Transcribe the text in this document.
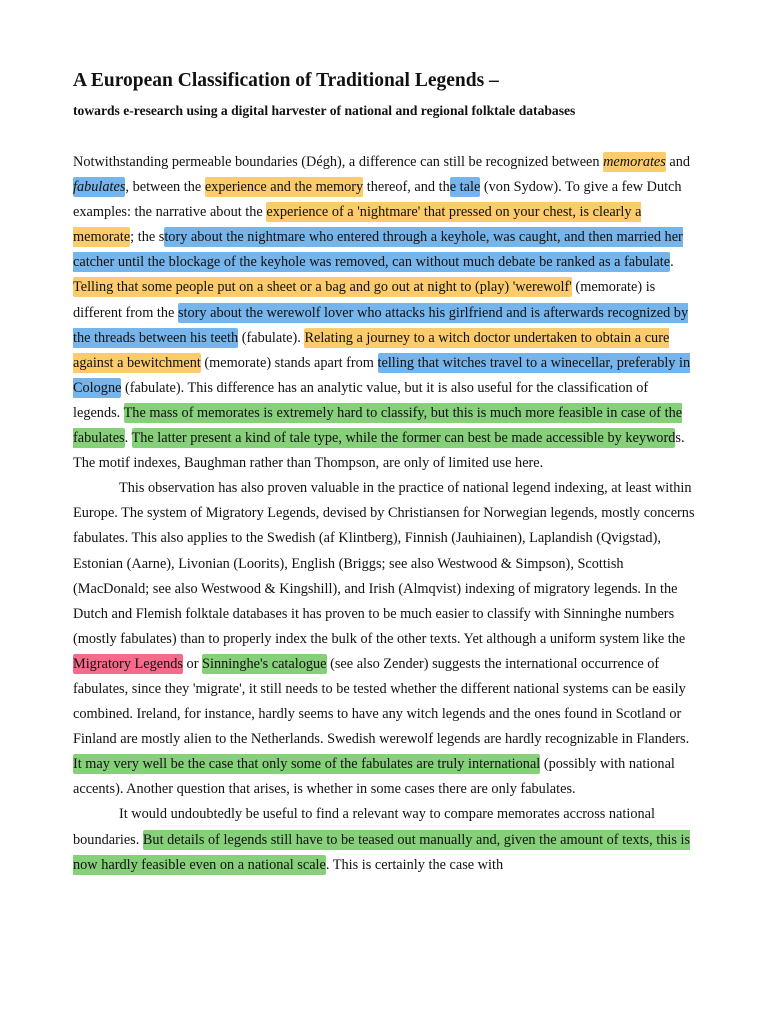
A European Classification of Traditional Legends –
towards e-research using a digital harvester of national and regional folktale databases

Notwithstanding permeable boundaries (Dégh), a difference can still be recognized between memorates and fabulates, between the experience and the memory thereof, and the tale (von Sydow). To give a few Dutch examples: the narrative about the experience of a 'nightmare' that pressed on your chest, is clearly a memorate; the story about the nightmare who entered through a keyhole, was caught, and then married her catcher until the blockage of the keyhole was removed, can without much debate be ranked as a fabulate. Telling that some people put on a sheet or a bag and go out at night to (play) 'werewolf' (memorate) is different from the story about the werewolf lover who attacks his girlfriend and is afterwards recognized by the threads between his teeth (fabulate). Relating a journey to a witch doctor undertaken to obtain a cure against a bewitchment (memorate) stands apart from telling that witches travel to a winecellar, preferably in Cologne (fabulate). This difference has an analytic value, but it is also useful for the classification of legends. The mass of memorates is extremely hard to classify, but this is much more feasible in case of the fabulates. The latter present a kind of tale type, while the former can best be made accessible by keywords. The motif indexes, Baughman rather than Thompson, are only of limited use here.

This observation has also proven valuable in the practice of national legend indexing, at least within Europe. The system of Migratory Legends, devised by Christiansen for Norwegian legends, mostly concerns fabulates. This also applies to the Swedish (af Klintberg), Finnish (Jauhiainen), Laplandish (Qvigstad), Estonian (Aarne), Livonian (Loorits), English (Briggs; see also Westwood & Simpson), Scottish (MacDonald; see also Westwood & Kingshill), and Irish (Almqvist) indexing of migratory legends. In the Dutch and Flemish folktale databases it has proven to be much easier to classify with Sinninghe numbers (mostly fabulates) than to properly index the bulk of the other texts. Yet although a uniform system like the Migratory Legends or Sinninghe's catalogue (see also Zender) suggests the international occurrence of fabulates, since they 'migrate', it still needs to be tested whether the different national systems can be easily combined. Ireland, for instance, hardly seems to have any witch legends and the ones found in Scotland or Finland are mostly alien to the Netherlands. Swedish werewolf legends are hardly recognizable in Flanders. It may very well be the case that only some of the fabulates are truly international (possibly with national accents). Another question that arises, is whether in some cases there are only fabulates.

It would undoubtedly be useful to find a relevant way to compare memorates accross national boundaries. But details of legends still have to be teased out manually and, given the amount of texts, this is now hardly feasible even on a national scale. This is certainly the case with
